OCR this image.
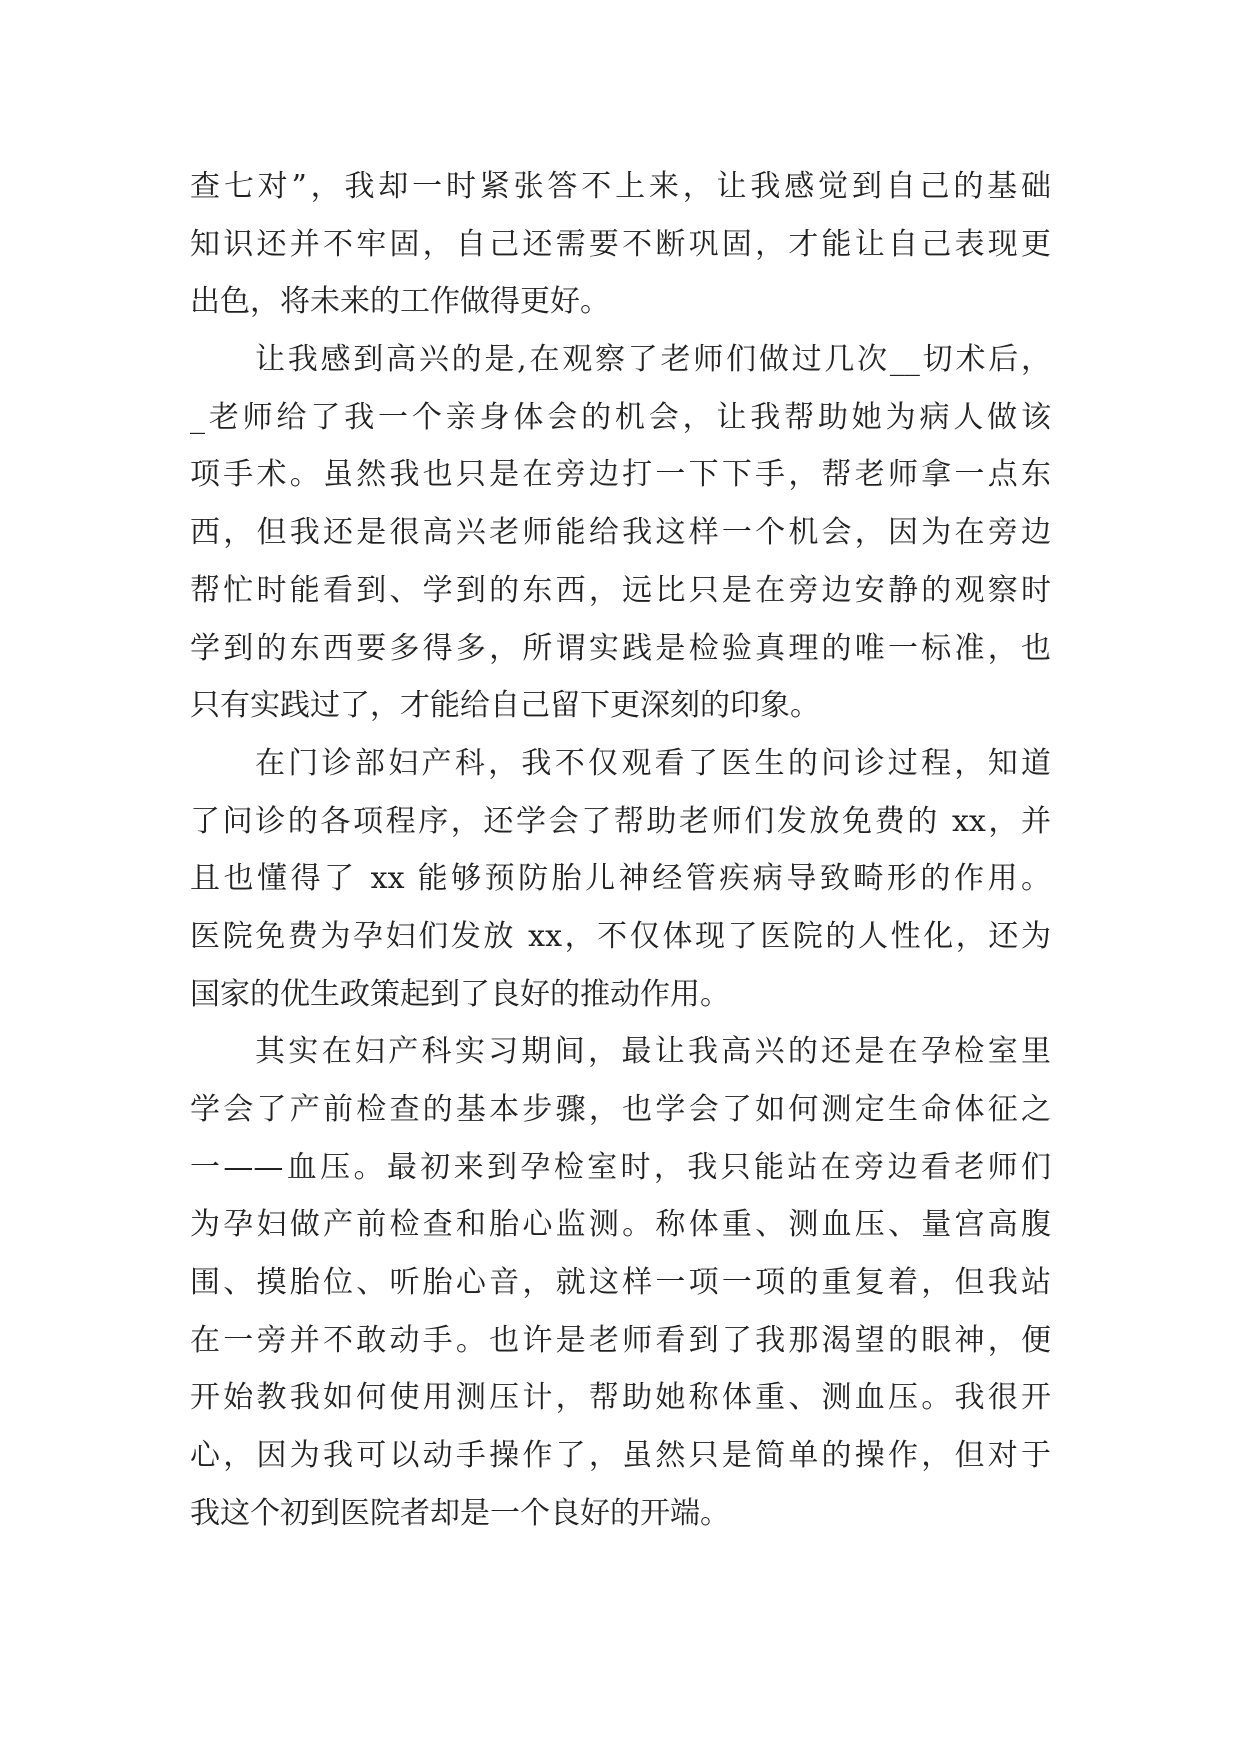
查七对”，我却一时紧张答不上来，让我感觉到自己的基础
知识还并不牢固，自己还需要不断巩固，才能让自己表现更
出色，将未来的工作做得更好。
让我感到高兴的是,在观察了老师们做过几次__切术后，
_老师给了我一个亲身体会的机会，让我帮助她为病人做该
项手术。虽然我也只是在旁边打一下下手，帮老师拿一点东
西，但我还是很高兴老师能给我这样一个机会，因为在旁边
帮忙时能看到、学到的东西，远比只是在旁边安静的观察时
学到的东西要多得多，所谓实践是检验真理的唯一标准，也
只有实践过了，才能给自己留下更深刻的印象。
在门诊部妇产科，我不仅观看了医生的问诊过程，知道
了问诊的各项程序，还学会了帮助老师们发放免费的 xx，并
且也懂得了 xx 能够预防胎儿神经管疾病导致畸形的作用。
医院免费为孕妇们发放 xx，不仅体现了医院的人性化，还为
国家的优生政策起到了良好的推动作用。
其实在妇产科实习期间，最让我高兴的还是在孕检室里
学会了产前检查的基本步骤，也学会了如何测定生命体征之
一——血压。最初来到孕检室时，我只能站在旁边看老师们
为孕妇做产前检查和胎心监测。称体重、测血压、量宫高腹
围、摸胎位、听胎心音，就这样一项一项的重复着，但我站
在一旁并不敢动手。也许是老师看到了我那渴望的眼神，便
开始教我如何使用测压计，帮助她称体重、测血压。我很开
心，因为我可以动手操作了，虽然只是简单的操作，但对于
我这个初到医院者却是一个良好的开端。
